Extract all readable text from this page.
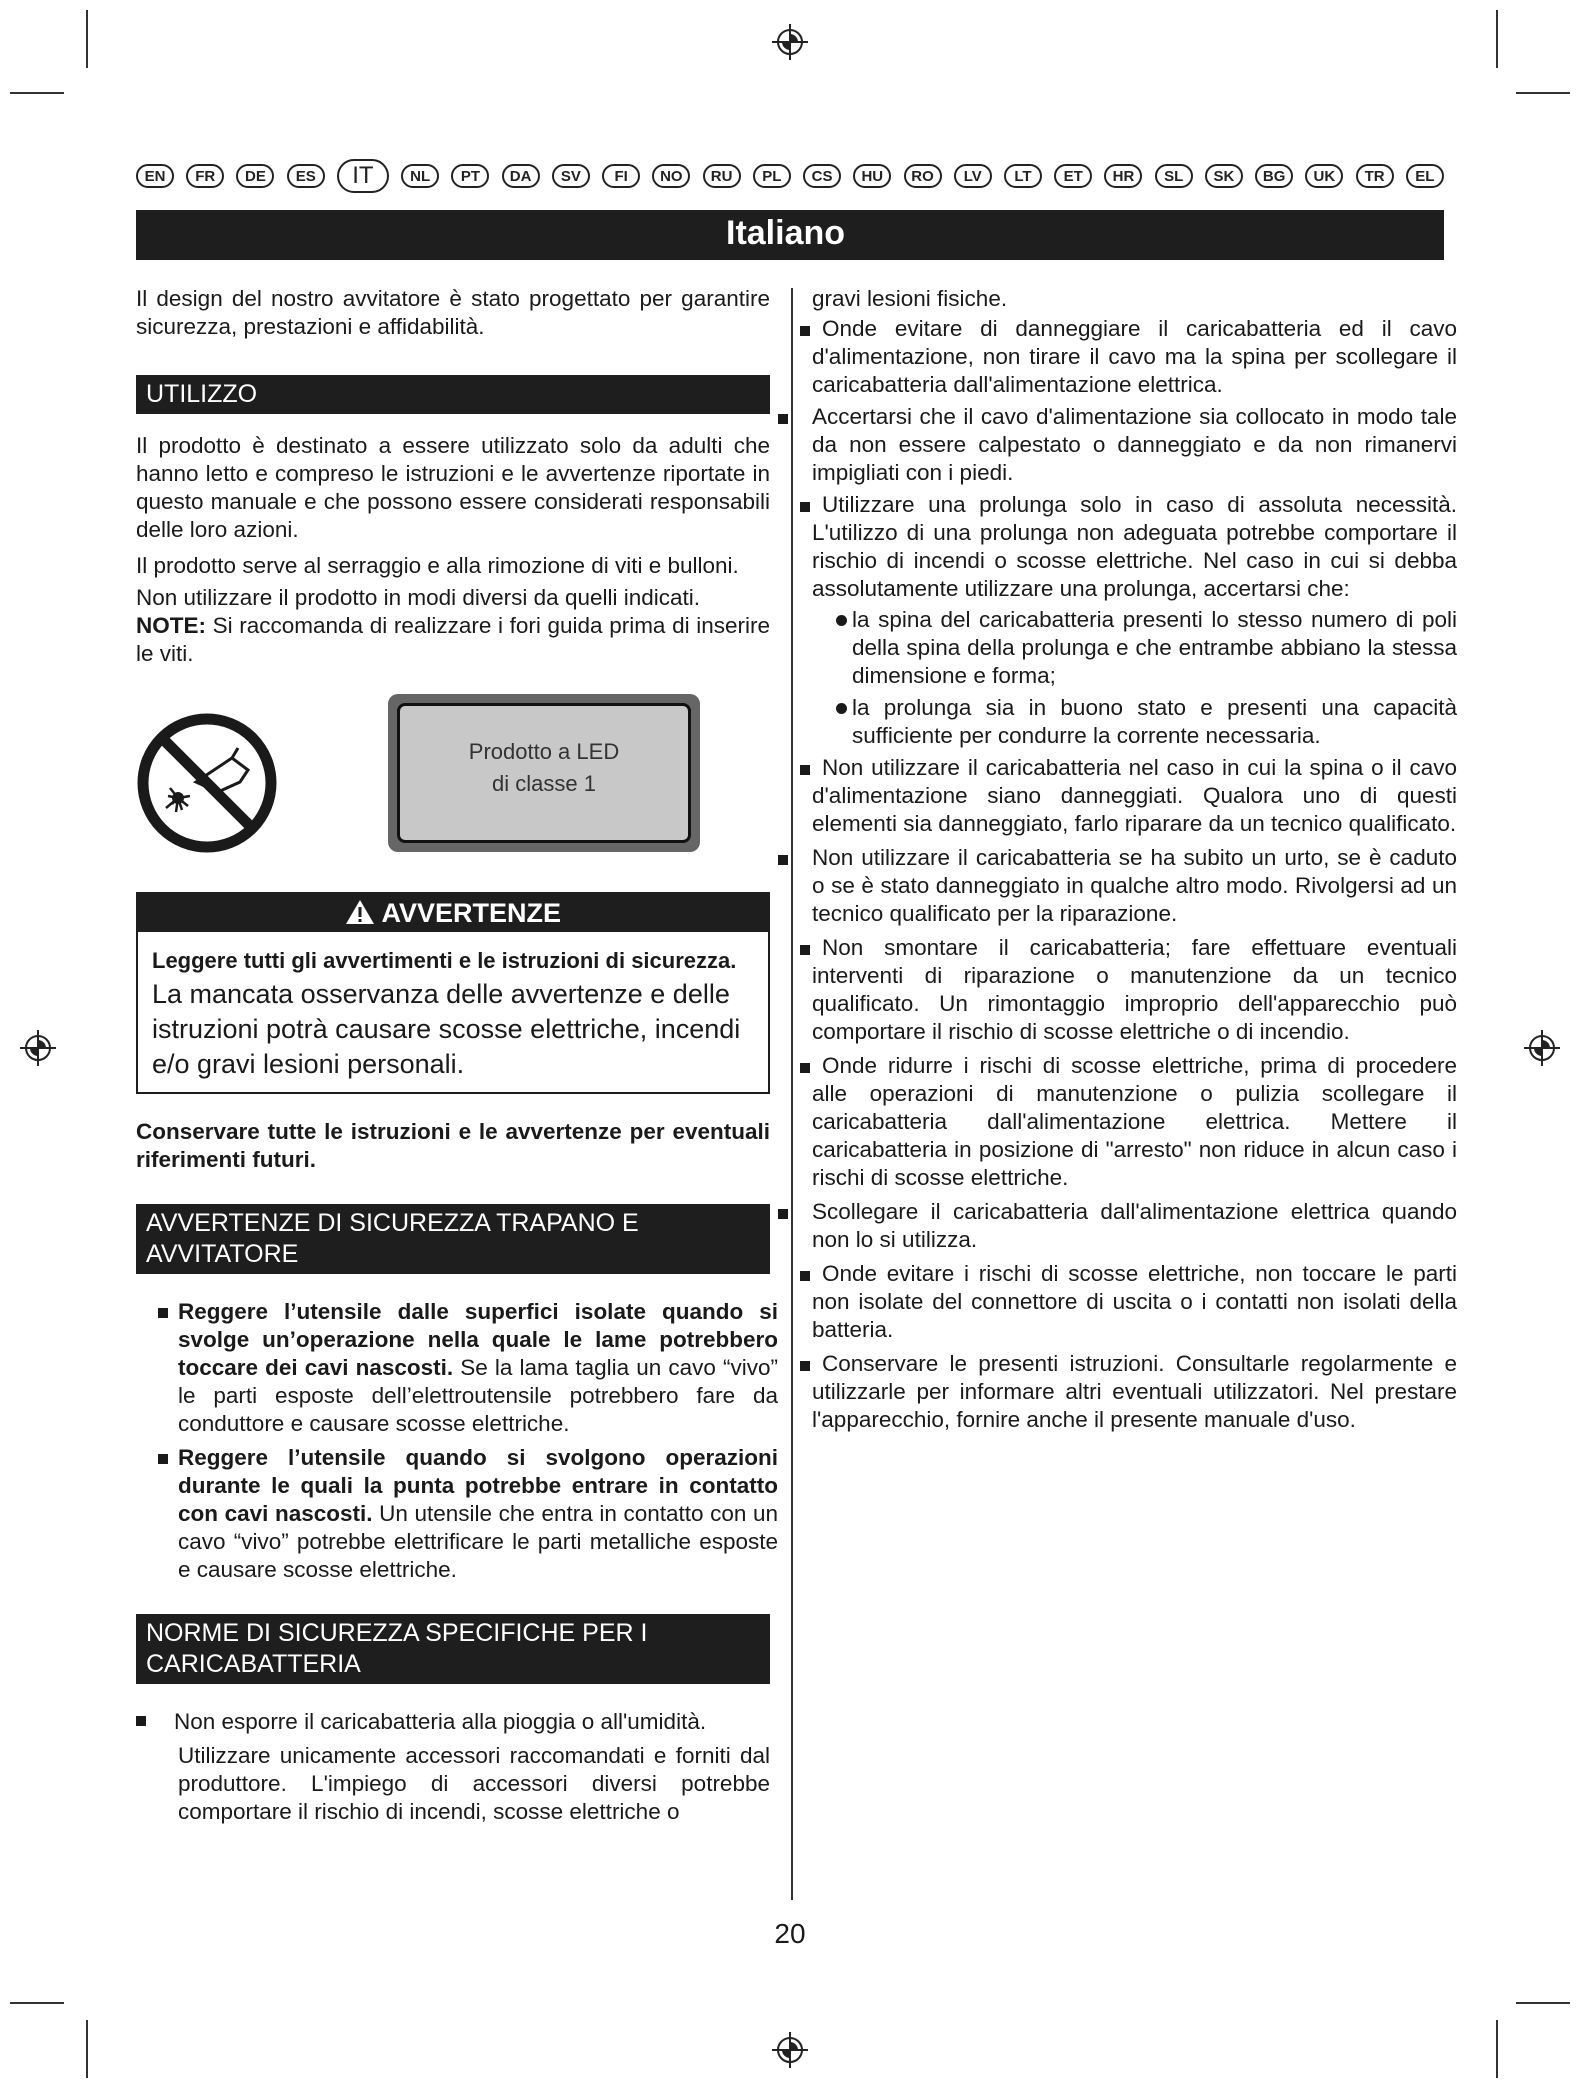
EN	FR	DE	ES	IT	NL	PT	DA	SV	FI	NO	RU	PL	CS	HU	RO	LV	LT	ET	HR	SL	SK	BG	UK	TR	EL
Italiano

Il design del nostro avvitatore è stato progettato per garantire sicurezza, prestazioni e affidabilità.

UTILIZZO

Il prodotto è destinato a essere utilizzato solo da adulti che hanno letto e compreso le istruzioni e le avvertenze riportate in questo manuale e che possono essere considerati responsabili delle loro azioni.

Il prodotto serve al serraggio e alla rimozione di viti e bulloni.

Non utilizzare il prodotto in modi diversi da quelli indicati.

NOTE: Si raccomanda di realizzare i fori guida prima di inserire le viti.

Prodotto a LED
di classe 1
AVVERTENZE
Leggere tutti gli avvertimenti e le istruzioni di sicurezza. La mancata osservanza delle avvertenze e delle istruzioni potrà causare scosse elettriche, incendi e/o gravi lesioni personali.

Conservare tutte le istruzioni e le avvertenze per eventuali riferimenti futuri.

AVVERTENZE DI SICUREZZA TRAPANO E AVVITATORE

Reggere l’utensile dalle superfici isolate quando si svolge un’operazione nella quale le lame potrebbero toccare dei cavi nascosti. Se la lama taglia un cavo “vivo” le parti esposte dell’elettroutensile potrebbero fare da conduttore e causare scosse elettriche.

Reggere l’utensile quando si svolgono operazioni durante le quali la punta potrebbe entrare in contatto con cavi nascosti. Un utensile che entra in contatto con un cavo “vivo” potrebbe elettrificare le parti metalliche esposte e causare scosse elettriche.

NORME DI SICUREZZA SPECIFICHE PER I CARICABATTERIA

Non esporre il caricabatteria alla pioggia o all'umidità.

Utilizzare unicamente accessori raccomandati e forniti dal produttore. L'impiego di accessori diversi potrebbe comportare il rischio di incendi, scosse elettriche o

gravi lesioni fisiche.

Onde evitare di danneggiare il caricabatteria ed il cavo d'alimentazione, non tirare il cavo ma la spina per scollegare il caricabatteria dall'alimentazione elettrica.

Accertarsi che il cavo d'alimentazione sia collocato in modo tale da non essere calpestato o danneggiato e da non rimanervi impigliati con i piedi.

Utilizzare una prolunga solo in caso di assoluta necessità. L'utilizzo di una prolunga non adeguata potrebbe comportare il rischio di incendi o scosse elettriche. Nel caso in cui si debba assolutamente utilizzare una prolunga, accertarsi che:

la spina del caricabatteria presenti lo stesso numero di poli della spina della prolunga e che entrambe abbiano la stessa dimensione e forma;

la prolunga sia in buono stato e presenti una capacità sufficiente per condurre la corrente necessaria.

Non utilizzare il caricabatteria nel caso in cui la spina o il cavo d'alimentazione siano danneggiati. Qualora uno di questi elementi sia danneggiato, farlo riparare da un tecnico qualificato.

Non utilizzare il caricabatteria se ha subito un urto, se è caduto o se è stato danneggiato in qualche altro modo. Rivolgersi ad un tecnico qualificato per la riparazione.

Non smontare il caricabatteria; fare effettuare eventuali interventi di riparazione o manutenzione da un tecnico qualificato. Un rimontaggio improprio dell'apparecchio può comportare il rischio di scosse elettriche o di incendio.

Onde ridurre i rischi di scosse elettriche, prima di procedere alle operazioni di manutenzione o pulizia scollegare il caricabatteria dall'alimentazione elettrica. Mettere il caricabatteria in posizione di "arresto" non riduce in alcun caso i rischi di scosse elettriche.

Scollegare il caricabatteria dall'alimentazione elettrica quando non lo si utilizza.

Onde evitare i rischi di scosse elettriche, non toccare le parti non isolate del connettore di uscita o i contatti non isolati della batteria.

Conservare le presenti istruzioni. Consultarle regolarmente e utilizzarle per informare altri eventuali utilizzatori. Nel prestare l'apparecchio, fornire anche il presente manuale d'uso.

20
